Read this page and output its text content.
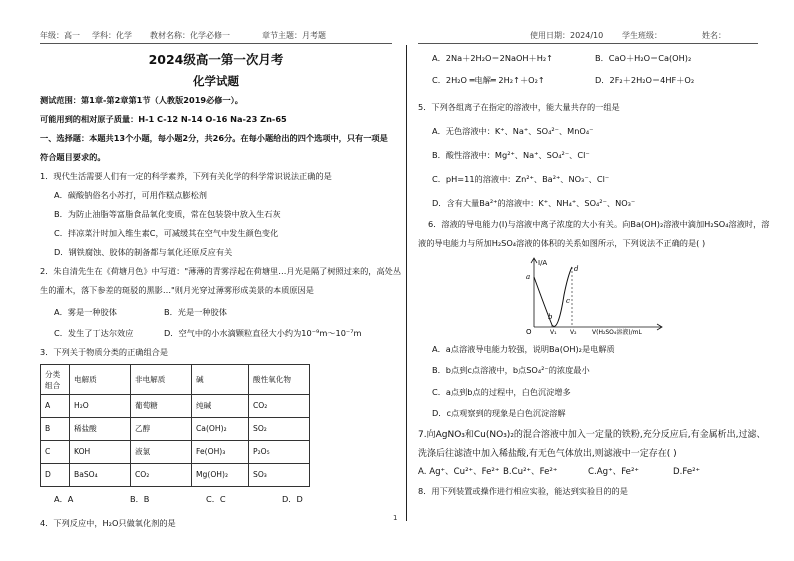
年级：高一 学科：化学 教材名称：化学必修一	章节主题：月考题	使用日期：2024/10 学生班级：	姓名：
2024级高一第一次月考
化学试题

测试范围：第1章-第2章第1节（人教版2019必修一）。

可能用到的相对原子质量：H-1 C-12 N-14 O-16 Na-23 Zn-65

一、选择题：本题共13个小题，每小题2分，共26分。在每小题给出的四个选项中，只有一项是

符合题目要求的。

1．现代生活需要人们有一定的科学素养，下列有关化学的科学常识说法正确的是

A．碳酸钠俗名小苏打，可用作糕点膨松剂

B．为防止油脂等富脂食品氧化变质，常在包装袋中放入生石灰

C．拌凉菜汁时加入维生素C，可减缓其在空气中发生颜色变化

D．钢铁腐蚀、胶体的制备都与氧化还原反应有关

2．朱自清先生在《荷塘月色》中写道："薄薄的青雾浮起在荷塘里…月光是隔了树照过来的，高处丛

生的灌木，落下参差的斑驳的黑影…"则月光穿过薄雾形成美景的本质原因是

A．雾是一种胶体	B．光是一种胶体
C．发生了丁达尔效应	D．空气中的小水滴颗粒直径大小约为10⁻⁹m～10⁻⁷m

3．下列关于物质分类的正确组合是

分类
组合	电解质	非电解质	碱	酸性氧化物
A	H₂O	葡萄糖	纯碱	CO₂
B	稀盐酸	乙醇	Ca(OH)₂	SO₂
C	KOH	液氯	Fe(OH)₃	P₂O₅
D	BaSO₄	CO₂	Mg(OH)₂	SO₃
A．A	B．B	C．C	D．D

4．下列反应中，H₂O只做氧化剂的是

A．2Na＋2H₂O＝2NaOH＋H₂↑	B．CaO＋H₂O＝Ca(OH)₂
C．2H₂O ═电解═ 2H₂↑＋O₂↑	D．2F₂＋2H₂O＝4HF＋O₂

5．下列各组离子在指定的溶液中，能大量共存的一组是

A．无色溶液中：K⁺、Na⁺、SO₄²⁻、MnO₄⁻

B．酸性溶液中：Mg²⁺、Na⁺、SO₄²⁻、Cl⁻

C．pH=11的溶液中：Zn²⁺、Ba²⁺、NO₃⁻、Cl⁻

D．含有大量Ba²⁺的溶液中：K⁺、NH₄⁺、SO₄²⁻、NO₃⁻

6．溶液的导电能力(I)与溶液中离子浓度的大小有关。向Ba(OH)₂溶液中滴加H₂SO₄溶液时，溶

液的导电能力与所加H₂SO₄溶液的体积的关系如图所示，下列说法不正确的是( )

I/A
a
b
c
d
O	V₁ V₂	V(H₂SO₄溶液)/mL

A．a点溶液导电能力较强，说明Ba(OH)₂是电解质

B．b点到c点溶液中，b点SO₄²⁻的浓度最小

C．a点到b点的过程中，白色沉淀增多

D．c点观察到的现象是白色沉淀溶解

7.向AgNO₃和Cu(NO₃)₂的混合溶液中加入一定量的铁粉,充分反应后,有金属析出,过滤、

洗涤后往滤渣中加入稀盐酸,有无色气体放出,则滤液中一定存在( )

A. Ag⁺、Cu²⁺、Fe²⁺ B.Cu²⁺、Fe²⁺	C.Ag⁺、Fe²⁺	D.Fe²⁺

8．用下列装置或操作进行相应实验，能达到实验目的的是

1
